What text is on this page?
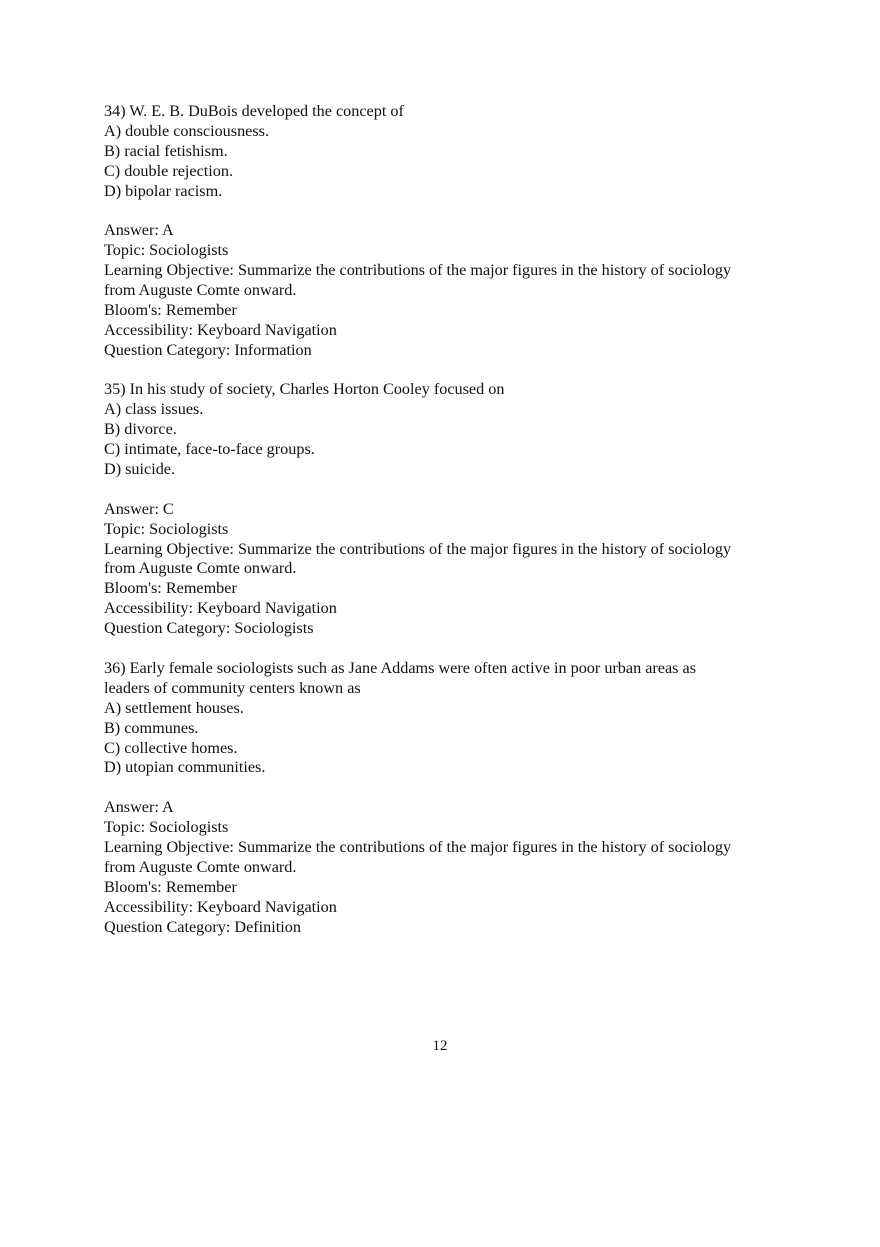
34) W. E. B. DuBois developed the concept of
A) double consciousness.
B) racial fetishism.
C) double rejection.
D) bipolar racism.
Answer: A
Topic: Sociologists
Learning Objective: Summarize the contributions of the major figures in the history of sociology
from Auguste Comte onward.
Bloom's: Remember
Accessibility: Keyboard Navigation
Question Category: Information
35) In his study of society, Charles Horton Cooley focused on
A) class issues.
B) divorce.
C) intimate, face-to-face groups.
D) suicide.
Answer: C
Topic: Sociologists
Learning Objective: Summarize the contributions of the major figures in the history of sociology
from Auguste Comte onward.
Bloom's: Remember
Accessibility: Keyboard Navigation
Question Category: Sociologists
36) Early female sociologists such as Jane Addams were often active in poor urban areas as
leaders of community centers known as
A) settlement houses.
B) communes.
C) collective homes.
D) utopian communities.
Answer: A
Topic: Sociologists
Learning Objective: Summarize the contributions of the major figures in the history of sociology
from Auguste Comte onward.
Bloom's: Remember
Accessibility: Keyboard Navigation
Question Category: Definition
12
